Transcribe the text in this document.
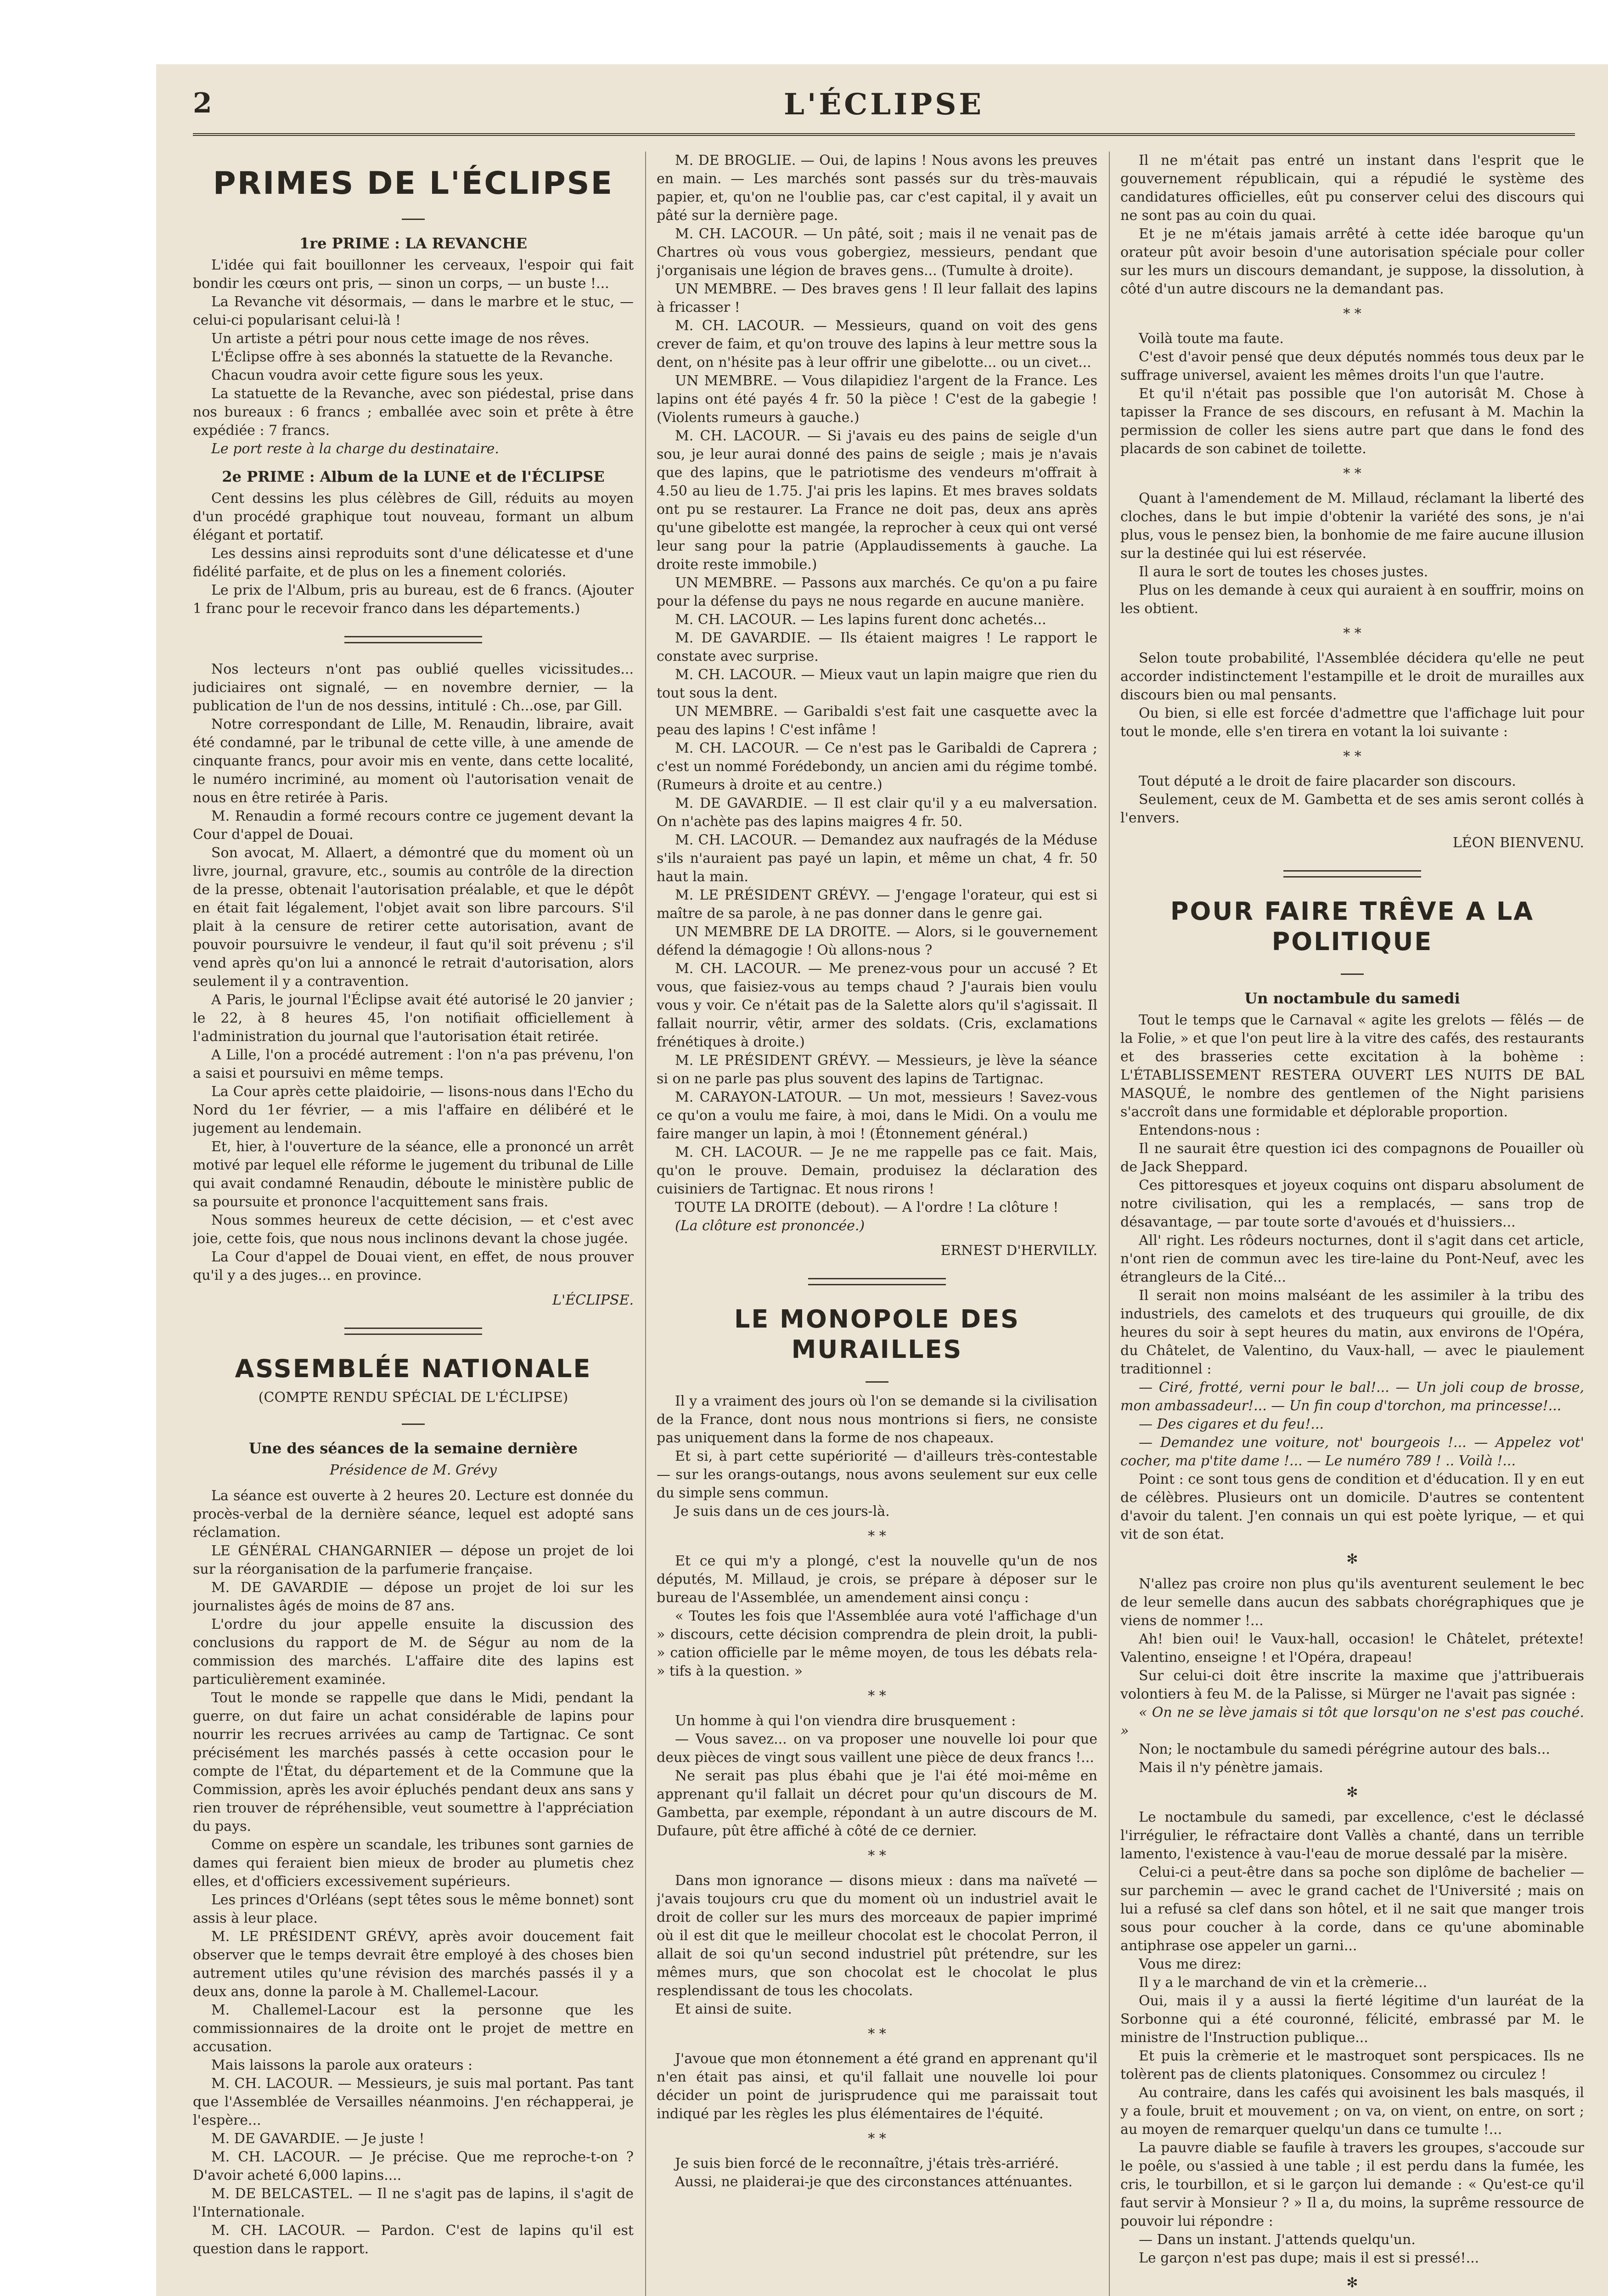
2	L'ÉCLIPSE
PRIMES DE L'ÉCLIPSE
1re PRIME : LA REVANCHE

L'idée qui fait bouillonner les cerveaux, l'espoir qui fait bondir les cœurs ont pris, — sinon un corps, — un buste !...

La Revanche vit désormais, — dans le marbre et le stuc, — celui-ci popularisant celui-là !

Un artiste a pétri pour nous cette image de nos rêves.

L'Éclipse offre à ses abonnés la statuette de la Revanche.

Chacun voudra avoir cette figure sous les yeux.

La statuette de la Revanche, avec son piédestal, prise dans nos bureaux : 6 francs ; emballée avec soin et prête à être expédiée : 7 francs.

Le port reste à la charge du destinataire.

2e PRIME : Album de la LUNE et de l'ÉCLIPSE

Cent dessins les plus célèbres de Gill, réduits au moyen d'un procédé graphique tout nouveau, formant un album élégant et portatif.

Les dessins ainsi reproduits sont d'une délicatesse et d'une fidélité parfaite, et de plus on les a finement coloriés.

Le prix de l'Album, pris au bureau, est de 6 francs. (Ajouter 1 franc pour le recevoir franco dans les départements.)

Nos lecteurs n'ont pas oublié quelles vicissitudes... judiciaires ont signalé, — en novembre dernier, — la publication de l'un de nos dessins, intitulé : Ch...ose, par Gill.

Notre correspondant de Lille, M. Renaudin, libraire, avait été condamné, par le tribunal de cette ville, à une amende de cinquante francs, pour avoir mis en vente, dans cette localité, le numéro incriminé, au moment où l'autorisation venait de nous en être retirée à Paris.

M. Renaudin a formé recours contre ce jugement devant la Cour d'appel de Douai.

Son avocat, M. Allaert, a démontré que du moment où un livre, journal, gravure, etc., soumis au contrôle de la direction de la presse, obtenait l'autorisation préalable, et que le dépôt en était fait légalement, l'objet avait son libre parcours. S'il plait à la censure de retirer cette autorisation, avant de pouvoir poursuivre le vendeur, il faut qu'il soit prévenu ; s'il vend après qu'on lui a annoncé le retrait d'autorisation, alors seulement il y a contravention.

A Paris, le journal l'Éclipse avait été autorisé le 20 janvier ; le 22, à 8 heures 45, l'on notifiait officiellement à l'administration du journal que l'autorisation était retirée.

A Lille, l'on a procédé autrement : l'on n'a pas prévenu, l'on a saisi et poursuivi en même temps.

La Cour après cette plaidoirie, — lisons-nous dans l'Echo du Nord du 1er février, — a mis l'affaire en délibéré et le jugement au lendemain.

Et, hier, à l'ouverture de la séance, elle a prononcé un arrêt motivé par lequel elle réforme le jugement du tribunal de Lille qui avait condamné Renaudin, déboute le ministère public de sa poursuite et prononce l'acquittement sans frais.

Nous sommes heureux de cette décision, — et c'est avec joie, cette fois, que nous nous inclinons devant la chose jugée.

La Cour d'appel de Douai vient, en effet, de nous prouver qu'il y a des juges... en province.

L'ÉCLIPSE.

ASSEMBLÉE NATIONALE
(COMPTE RENDU SPÉCIAL DE L'ÉCLIPSE)
Une des séances de la semaine dernière
Présidence de M. Grévy

La séance est ouverte à 2 heures 20. Lecture est donnée du procès-verbal de la dernière séance, lequel est adopté sans réclamation.

LE GÉNÉRAL CHANGARNIER — dépose un projet de loi sur la réorganisation de la parfumerie française.

M. DE GAVARDIE — dépose un projet de loi sur les journalistes âgés de moins de 87 ans.

L'ordre du jour appelle ensuite la discussion des conclusions du rapport de M. de Ségur au nom de la commission des marchés. L'affaire dite des lapins est particulièrement examinée.

Tout le monde se rappelle que dans le Midi, pendant la guerre, on dut faire un achat considérable de lapins pour nourrir les recrues arrivées au camp de Tartignac. Ce sont précisément les marchés passés à cette occasion pour le compte de l'État, du département et de la Commune que la Commission, après les avoir épluchés pendant deux ans sans y rien trouver de répréhensible, veut soumettre à l'appréciation du pays.

Comme on espère un scandale, les tribunes sont garnies de dames qui feraient bien mieux de broder au plumetis chez elles, et d'officiers excessivement supérieurs.

Les princes d'Orléans (sept têtes sous le même bonnet) sont assis à leur place.

M. LE PRÉSIDENT GRÉVY, après avoir doucement fait observer que le temps devrait être employé à des choses bien autrement utiles qu'une révision des marchés passés il y a deux ans, donne la parole à M. Challemel-Lacour.

M. Challemel-Lacour est la personne que les commissionnaires de la droite ont le projet de mettre en accusation.

Mais laissons la parole aux orateurs :

M. CH. LACOUR. — Messieurs, je suis mal portant. Pas tant que l'Assemblée de Versailles néanmoins. J'en réchapperai, je l'espère...

M. DE GAVARDIE. — Je juste !

M. CH. LACOUR. — Je précise. Que me reproche-t-on ? D'avoir acheté 6,000 lapins....

M. DE BELCASTEL. — Il ne s'agit pas de lapins, il s'agit de l'Internationale.

M. CH. LACOUR. — Pardon. C'est de lapins qu'il est question dans le rapport.

M. DE BROGLIE. — Oui, de lapins ! Nous avons les preuves en main. — Les marchés sont passés sur du très-mauvais papier, et, qu'on ne l'oublie pas, car c'est capital, il y avait un pâté sur la dernière page.

M. CH. LACOUR. — Un pâté, soit ; mais il ne venait pas de Chartres où vous vous gobergiez, messieurs, pendant que j'organisais une légion de braves gens... (Tumulte à droite).

UN MEMBRE. — Des braves gens ! Il leur fallait des lapins à fricasser !

M. CH. LACOUR. — Messieurs, quand on voit des gens crever de faim, et qu'on trouve des lapins à leur mettre sous la dent, on n'hésite pas à leur offrir une gibelotte... ou un civet...

UN MEMBRE. — Vous dilapidiez l'argent de la France. Les lapins ont été payés 4 fr. 50 la pièce ! C'est de la gabegie ! (Violents rumeurs à gauche.)

M. CH. LACOUR. — Si j'avais eu des pains de seigle d'un sou, je leur aurai donné des pains de seigle ; mais je n'avais que des lapins, que le patriotisme des vendeurs m'offrait à 4.50 au lieu de 1.75. J'ai pris les lapins. Et mes braves soldats ont pu se restaurer. La France ne doit pas, deux ans après qu'une gibelotte est mangée, la reprocher à ceux qui ont versé leur sang pour la patrie (Applaudissements à gauche. La droite reste immobile.)

UN MEMBRE. — Passons aux marchés. Ce qu'on a pu faire pour la défense du pays ne nous regarde en aucune manière.

M. CH. LACOUR. — Les lapins furent donc achetés...

M. DE GAVARDIE. — Ils étaient maigres ! Le rapport le constate avec surprise.

M. CH. LACOUR. — Mieux vaut un lapin maigre que rien du tout sous la dent.

UN MEMBRE. — Garibaldi s'est fait une casquette avec la peau des lapins ! C'est infâme !

M. CH. LACOUR. — Ce n'est pas le Garibaldi de Caprera ; c'est un nommé Forédebondy, un ancien ami du régime tombé. (Rumeurs à droite et au centre.)

M. DE GAVARDIE. — Il est clair qu'il y a eu malversation. On n'achète pas des lapins maigres 4 fr. 50.

M. CH. LACOUR. — Demandez aux naufragés de la Méduse s'ils n'auraient pas payé un lapin, et même un chat, 4 fr. 50 haut la main.

M. LE PRÉSIDENT GRÉVY. — J'engage l'orateur, qui est si maître de sa parole, à ne pas donner dans le genre gai.

UN MEMBRE DE LA DROITE. — Alors, si le gouvernement défend la démagogie ! Où allons-nous ?

M. CH. LACOUR. — Me prenez-vous pour un accusé ? Et vous, que faisiez-vous au temps chaud ? J'aurais bien voulu vous y voir. Ce n'était pas de la Salette alors qu'il s'agissait. Il fallait nourrir, vêtir, armer des soldats. (Cris, exclamations frénétiques à droite.)

M. LE PRÉSIDENT GRÉVY. — Messieurs, je lève la séance si on ne parle pas plus souvent des lapins de Tartignac.

M. CARAYON-LATOUR. — Un mot, messieurs ! Savez-vous ce qu'on a voulu me faire, à moi, dans le Midi. On a voulu me faire manger un lapin, à moi ! (Étonnement général.)

M. CH. LACOUR. — Je ne me rappelle pas ce fait. Mais, qu'on le prouve. Demain, produisez la déclaration des cuisiniers de Tartignac. Et nous rirons !

TOUTE LA DROITE (debout). — A l'ordre ! La clôture !

(La clôture est prononcée.)

ERNEST D'HERVILLY.

LE MONOPOLE DES MURAILLES

Il y a vraiment des jours où l'on se demande si la civilisation de la France, dont nous nous montrions si fiers, ne consiste pas uniquement dans la forme de nos chapeaux.

Et si, à part cette supériorité — d'ailleurs très-contestable — sur les orangs-outangs, nous avons seulement sur eux celle du simple sens commun.

Je suis dans un de ces jours-là.

* *

Et ce qui m'y a plongé, c'est la nouvelle qu'un de nos députés, M. Millaud, je crois, se prépare à déposer sur le bureau de l'Assemblée, un amendement ainsi conçu :

« Toutes les fois que l'Assemblée aura voté l'affichage d'un » discours, cette décision comprendra de plein droit, la publi- » cation officielle par le même moyen, de tous les débats rela- » tifs à la question. »

* *

Un homme à qui l'on viendra dire brusquement :

— Vous savez... on va proposer une nouvelle loi pour que deux pièces de vingt sous vaillent une pièce de deux francs !...

Ne serait pas plus ébahi que je l'ai été moi-même en apprenant qu'il fallait un décret pour qu'un discours de M. Gambetta, par exemple, répondant à un autre discours de M. Dufaure, pût être affiché à côté de ce dernier.

* *

Dans mon ignorance — disons mieux : dans ma naïveté — j'avais toujours cru que du moment où un industriel avait le droit de coller sur les murs des morceaux de papier imprimé où il est dit que le meilleur chocolat est le chocolat Perron, il allait de soi qu'un second industriel pût prétendre, sur les mêmes murs, que son chocolat est le chocolat le plus resplendissant de tous les chocolats.

Et ainsi de suite.

* *

J'avoue que mon étonnement a été grand en apprenant qu'il n'en était pas ainsi, et qu'il fallait une nouvelle loi pour décider un point de jurisprudence qui me paraissait tout indiqué par les règles les plus élémentaires de l'équité.

* *

Je suis bien forcé de le reconnaître, j'étais très-arriéré.

Aussi, ne plaiderai-je que des circonstances atténuantes.

Il ne m'était pas entré un instant dans l'esprit que le gouvernement républicain, qui a répudié le système des candidatures officielles, eût pu conserver celui des discours qui ne sont pas au coin du quai.

Et je ne m'étais jamais arrêté à cette idée baroque qu'un orateur pût avoir besoin d'une autorisation spéciale pour coller sur les murs un discours demandant, je suppose, la dissolution, à côté d'un autre discours ne la demandant pas.

* *

Voilà toute ma faute.

C'est d'avoir pensé que deux députés nommés tous deux par le suffrage universel, avaient les mêmes droits l'un que l'autre.

Et qu'il n'était pas possible que l'on autorisât M. Chose à tapisser la France de ses discours, en refusant à M. Machin la permission de coller les siens autre part que dans le fond des placards de son cabinet de toilette.

* *

Quant à l'amendement de M. Millaud, réclamant la liberté des cloches, dans le but impie d'obtenir la variété des sons, je n'ai plus, vous le pensez bien, la bonhomie de me faire aucune illusion sur la destinée qui lui est réservée.

Il aura le sort de toutes les choses justes.

Plus on les demande à ceux qui auraient à en souffrir, moins on les obtient.

* *

Selon toute probabilité, l'Assemblée décidera qu'elle ne peut accorder indistinctement l'estampille et le droit de murailles aux discours bien ou mal pensants.

Ou bien, si elle est forcée d'admettre que l'affichage luit pour tout le monde, elle s'en tirera en votant la loi suivante :

* *

Tout député a le droit de faire placarder son discours.

Seulement, ceux de M. Gambetta et de ses amis seront collés à l'envers.

LÉON BIENVENU.

POUR FAIRE TRÊVE A LA POLITIQUE
Un noctambule du samedi

Tout le temps que le Carnaval « agite les grelots — fêlés — de la Folie, » et que l'on peut lire à la vitre des cafés, des restaurants et des brasseries cette excitation à la bohème : L'ÉTABLISSEMENT RESTERA OUVERT LES NUITS DE BAL MASQUÉ, le nombre des gentlemen of the Night parisiens s'accroît dans une formidable et déplorable proportion.

Entendons-nous :

Il ne saurait être question ici des compagnons de Pouailler où de Jack Sheppard.

Ces pittoresques et joyeux coquins ont disparu absolument de notre civilisation, qui les a remplacés, — sans trop de désavantage, — par toute sorte d'avoués et d'huissiers...

All' right. Les rôdeurs nocturnes, dont il s'agit dans cet article, n'ont rien de commun avec les tire-laine du Pont-Neuf, avec les étrangleurs de la Cité...

Il serait non moins malséant de les assimiler à la tribu des industriels, des camelots et des truqueurs qui grouille, de dix heures du soir à sept heures du matin, aux environs de l'Opéra, du Châtelet, de Valentino, du Vaux-hall, — avec le piaulement traditionnel :

— Ciré, frotté, verni pour le bal!... — Un joli coup de brosse, mon ambassadeur!... — Un fin coup d'torchon, ma princesse!...

— Des cigares et du feu!...

— Demandez une voiture, not' bourgeois !... — Appelez vot' cocher, ma p'tite dame !... — Le numéro 789 ! .. Voilà !...

Point : ce sont tous gens de condition et d'éducation. Il y en eut de célèbres. Plusieurs ont un domicile. D'autres se contentent d'avoir du talent. J'en connais un qui est poète lyrique, — et qui vit de son état.

✻

N'allez pas croire non plus qu'ils aventurent seulement le bec de leur semelle dans aucun des sabbats chorégraphiques que je viens de nommer !...

Ah! bien oui! le Vaux-hall, occasion! le Châtelet, prétexte! Valentino, enseigne ! et l'Opéra, drapeau!

Sur celui-ci doit être inscrite la maxime que j'attribuerais volontiers à feu M. de la Palisse, si Mürger ne l'avait pas signée :

« On ne se lève jamais si tôt que lorsqu'on ne s'est pas couché. »

Non; le noctambule du samedi pérégrine autour des bals...

Mais il n'y pénètre jamais.

✻

Le noctambule du samedi, par excellence, c'est le déclassé l'irrégulier, le réfractaire dont Vallès a chanté, dans un terrible lamento, l'existence à vau-l'eau de morue dessalé par la misère.

Celui-ci a peut-être dans sa poche son diplôme de bachelier — sur parchemin — avec le grand cachet de l'Université ; mais on lui a refusé sa clef dans son hôtel, et il ne sait que manger trois sous pour coucher à la corde, dans ce qu'une abominable antiphrase ose appeler un garni...

Vous me direz:

Il y a le marchand de vin et la crèmerie...

Oui, mais il y a aussi la fierté légitime d'un lauréat de la Sorbonne qui a été couronné, félicité, embrassé par M. le ministre de l'Instruction publique...

Et puis la crèmerie et le mastroquet sont perspicaces. Ils ne tolèrent pas de clients platoniques. Consommez ou circulez !

Au contraire, dans les cafés qui avoisinent les bals masqués, il y a foule, bruit et mouvement ; on va, on vient, on entre, on sort ; au moyen de remarquer quelqu'un dans ce tumulte !...

La pauvre diable se faufile à travers les groupes, s'accoude sur le poêle, ou s'assied à une table ; il est perdu dans la fumée, les cris, le tourbillon, et si le garçon lui demande : « Qu'est-ce qu'il faut servir à Monsieur ? » Il a, du moins, la suprême ressource de pouvoir lui répondre :

— Dans un instant. J'attends quelqu'un.

Le garçon n'est pas dupe; mais il est si pressé!...

✻
